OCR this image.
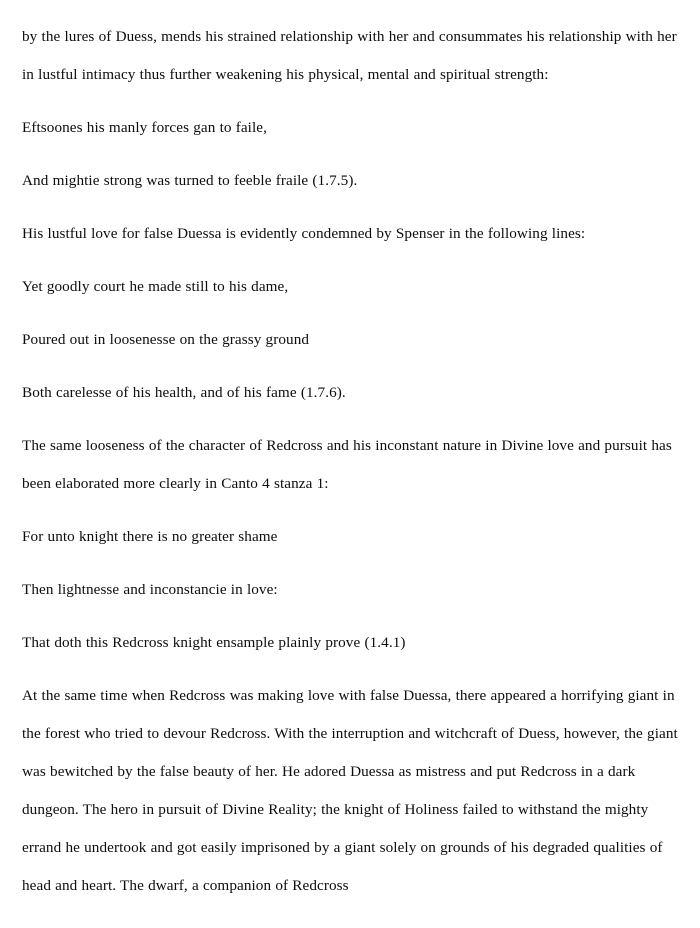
by the lures of Duess, mends his strained relationship with her and consummates his relationship with her in lustful intimacy thus further weakening his physical, mental and spiritual strength:

Eftsoones his manly forces gan to faile,

And mightie strong was turned to feeble fraile (1.7.5).

His lustful love for false Duessa is evidently condemned by Spenser in the following lines:

Yet goodly court he made still to his dame,

Poured out in loosenesse on the grassy ground

Both carelesse of his health, and of his fame (1.7.6).

The same looseness of the character of Redcross and his inconstant nature in Divine love and pursuit has been elaborated more clearly in Canto 4 stanza 1:

For unto knight there is no greater shame

Then lightnesse and inconstancie in love:

That doth this Redcross knight ensample plainly prove (1.4.1)

At the same time when Redcross was making love with false Duessa, there appeared a horrifying giant in the forest who tried to devour Redcross. With the interruption and witchcraft of Duess, however, the giant was bewitched by the false beauty of her. He adored Duessa as mistress and put Redcross in a dark dungeon. The hero in pursuit of Divine Reality; the knight of Holiness failed to withstand the mighty errand he undertook and got easily imprisoned by a giant solely on grounds of his degraded qualities of head and heart. The dwarf, a companion of Redcross
